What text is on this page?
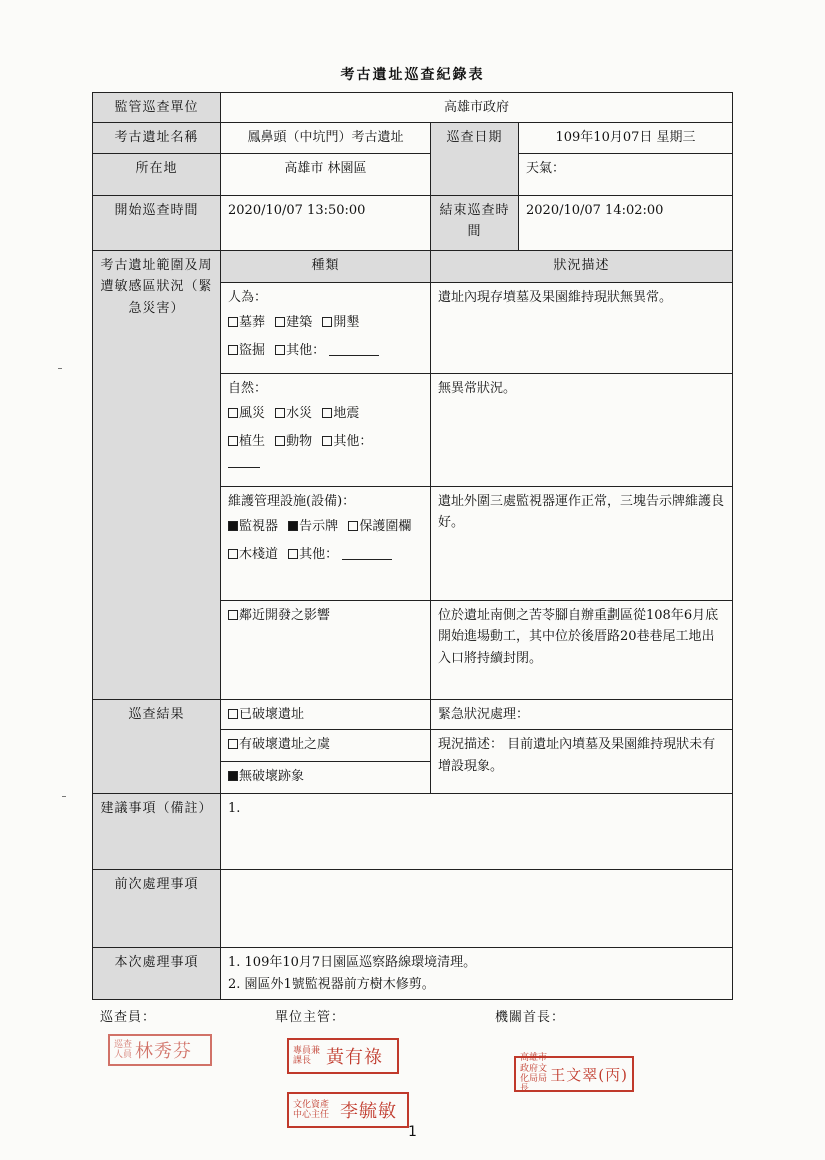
考古遺址巡查紀錄表
監管巡查單位	高雄市政府		
考古遺址名稱	鳳鼻頭（中坑門）考古遺址	巡查日期	109年10月07日 星期三
所在地	高雄市 林園區		天氣：
開始巡查時間	2020/10/07 13:50:00	結束巡查時間	2020/10/07 14:02:00
考古遺址範圍及周遭敏感區狀況（緊急災害）	種類	狀況描述	

	人為：
墓葬 建築 開墾
盜掘 其他：	遺址內現存墳墓及果園維持現狀無異常。	

	自然：
風災 水災 地震
植生 動物 其他：	無異常狀況。	

	維護管理設施(設備)：
監視器 告示牌 保護圍欄
木棧道 其他：	遺址外圍三處監視器運作正常，三塊告示牌維護良好。	
	鄰近開發之影響	位於遺址南側之苦苓腳自辦重劃區從108年6月底開始進場動工，其中位於後厝路20巷巷尾工地出入口將持續封閉。	
巡查結果	已破壞遺址	緊急狀況處理：	
	有破壞遺址之虞	現況描述： 目前遺址內墳墓及果園維持現狀未有增設現象。	
	無破壞跡象		
建議事項（備註）	1.		
前次處理事項			
本次處理事項	1. 109年10月7日園區巡察路線環境清理。
2. 園區外1號監視器前方樹木修剪。		
巡查員：	單位主管：	機關首長：
巡查人員 林秀芬	專員兼課長 黃有祿	高雄市政府文化局局長
王文翠(丙)
文化資產中心主任 李毓敏
1
